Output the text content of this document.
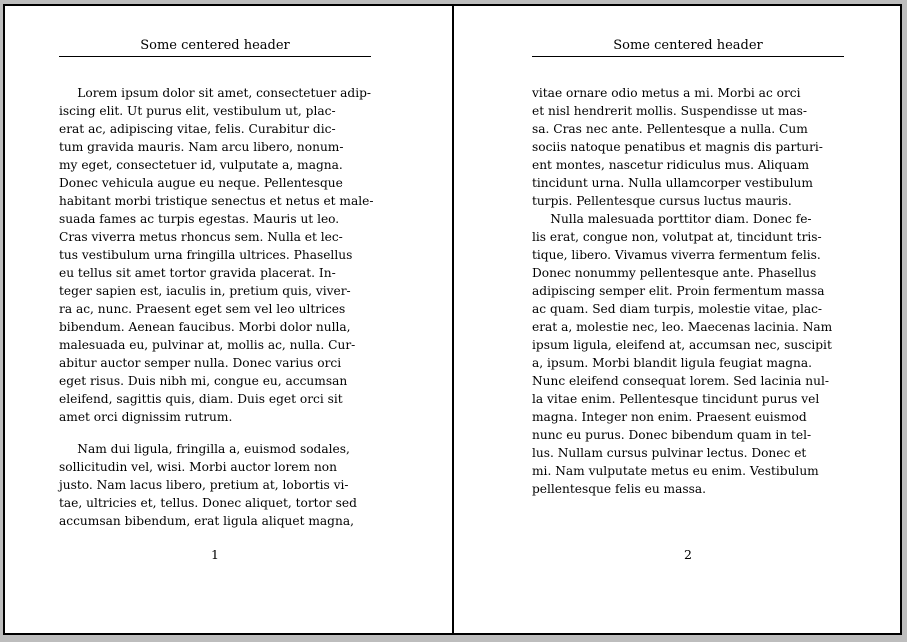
Some centered header
  Lorem ipsum dolor sit amet, consectetuer adip-
iscing elit. Ut purus elit, vestibulum ut, plac-
erat ac, adipiscing vitae, felis. Curabitur dic-
tum gravida mauris. Nam arcu libero, nonum-
my eget, consectetuer id, vulputate a, magna.
Donec vehicula augue eu neque. Pellentesque
habitant morbi tristique senectus et netus et male-
suada fames ac turpis egestas. Mauris ut leo.
Cras viverra metus rhoncus sem. Nulla et lec-
tus vestibulum urna fringilla ultrices. Phasellus
eu tellus sit amet tortor gravida placerat. In-
teger sapien est, iaculis in, pretium quis, viver-
ra ac, nunc. Praesent eget sem vel leo ultrices
bibendum. Aenean faucibus. Morbi dolor nulla,
malesuada eu, pulvinar at, mollis ac, nulla. Cur-
abitur auctor semper nulla. Donec varius orci
eget risus. Duis nibh mi, congue eu, accumsan
eleifend, sagittis quis, diam. Duis eget orci sit
amet orci dignissim rutrum.
  Nam dui ligula, fringilla a, euismod sodales,
sollicitudin vel, wisi. Morbi auctor lorem non
justo. Nam lacus libero, pretium at, lobortis vi-
tae, ultricies et, tellus. Donec aliquet, tortor sed
accumsan bibendum, erat ligula aliquet magna,
1
Some centered header
vitae ornare odio metus a mi. Morbi ac orci
et nisl hendrerit mollis. Suspendisse ut mas-
sa. Cras nec ante. Pellentesque a nulla. Cum
sociis natoque penatibus et magnis dis parturi-
ent montes, nascetur ridiculus mus. Aliquam
tincidunt urna. Nulla ullamcorper vestibulum
turpis. Pellentesque cursus luctus mauris.
  Nulla malesuada porttitor diam. Donec fe-
lis erat, congue non, volutpat at, tincidunt tris-
tique, libero. Vivamus viverra fermentum felis.
Donec nonummy pellentesque ante. Phasellus
adipiscing semper elit. Proin fermentum massa
ac quam. Sed diam turpis, molestie vitae, plac-
erat a, molestie nec, leo. Maecenas lacinia. Nam
ipsum ligula, eleifend at, accumsan nec, suscipit
a, ipsum. Morbi blandit ligula feugiat magna.
Nunc eleifend consequat lorem. Sed lacinia nul-
la vitae enim. Pellentesque tincidunt purus vel
magna. Integer non enim. Praesent euismod
nunc eu purus. Donec bibendum quam in tel-
lus. Nullam cursus pulvinar lectus. Donec et
mi. Nam vulputate metus eu enim. Vestibulum
pellentesque felis eu massa.
2
